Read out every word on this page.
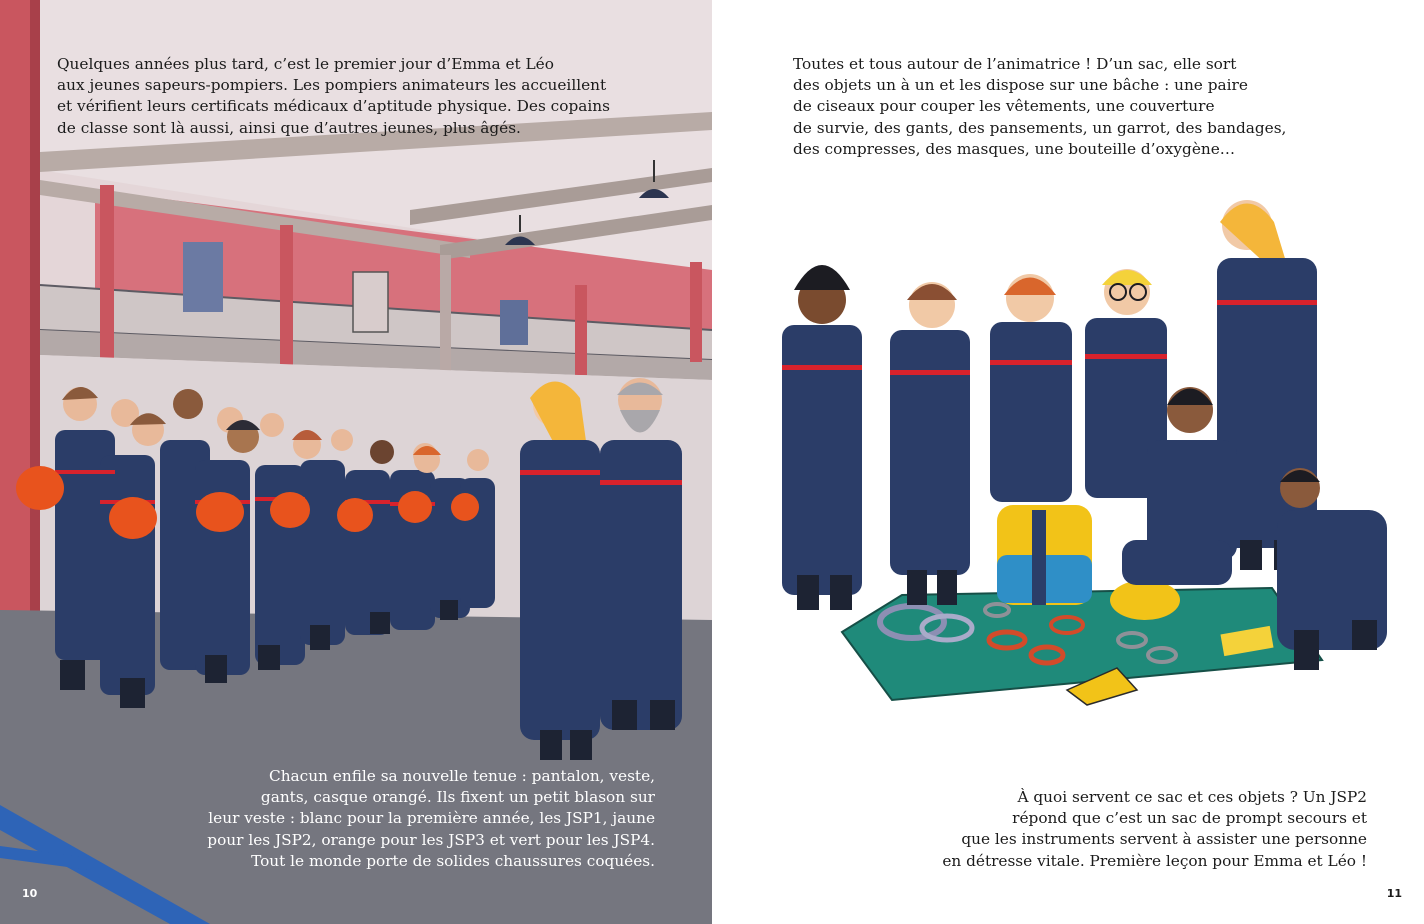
Quelques années plus tard, c’est le premier jour d’Emma et Léo
aux jeunes sapeurs-pompiers. Les pompiers animateurs les accueillent
et vérifient leurs certificats médicaux d’aptitude physique. Des copains
de classe sont là aussi, ainsi que d’autres jeunes, plus âgés.
Chacun enfile sa nouvelle tenue : pantalon, veste,
gants, casque orangé. Ils fixent un petit blason sur
leur veste : blanc pour la première année, les JSP1, jaune
pour les JSP2, orange pour les JSP3 et vert pour les JSP4.
Tout le monde porte de solides chaussures coquées.
10
Toutes et tous autour de l’animatrice ! D’un sac, elle sort
des objets un à un et les dispose sur une bâche : une paire
de ciseaux pour couper les vêtements, une couverture
de survie, des gants, des pansements, un garrot, des bandages,
des compresses, des masques, une bouteille d’oxygène…
À quoi servent ce sac et ces objets ? Un JSP2
répond que c’est un sac de prompt secours et
que les instruments servent à assister une personne
en détresse vitale. Première leçon pour Emma et Léo !
11
